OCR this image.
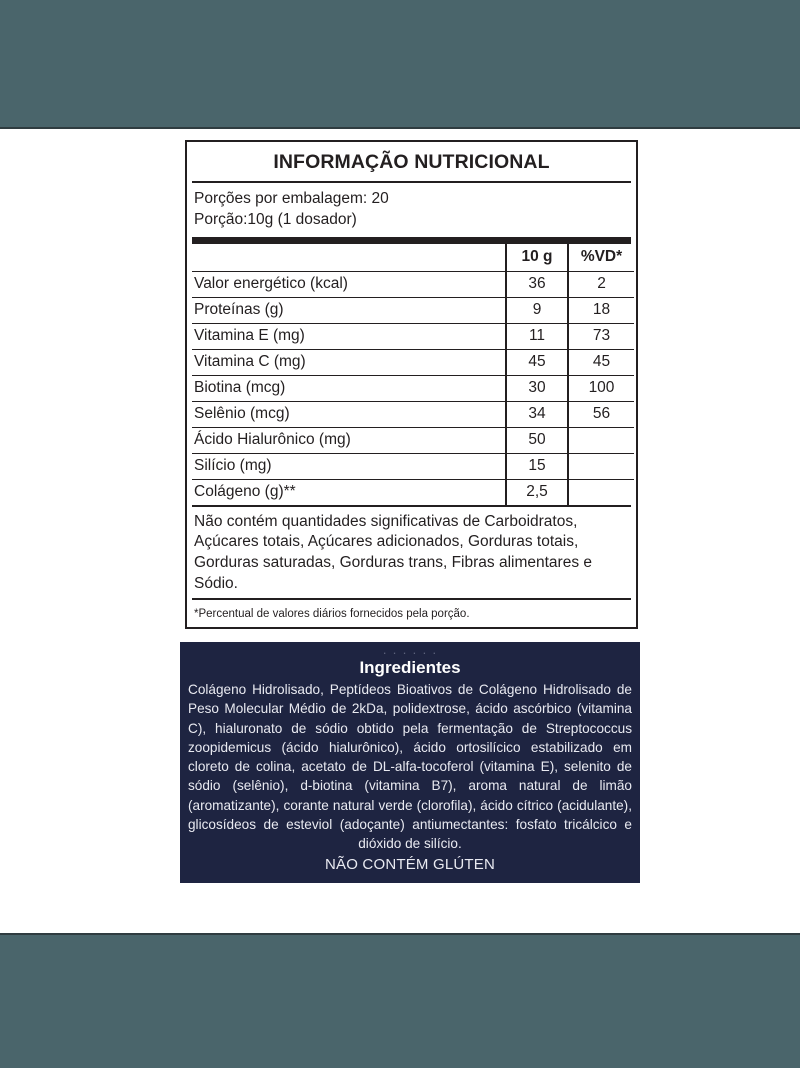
INFORMAÇÃO NUTRICIONAL
Porções por embalagem: 20
Porção:10g (1 dosador)
	10 g	%VD*
Valor energético (kcal)	36	2
Proteínas (g)	9	18
Vitamina E (mg)	11	73
Vitamina C (mg)	45	45
Biotina (mcg)	30	100
Selênio (mcg)	34	56
Ácido Hialurônico (mg)	50	
Silício (mg)	15	
Colágeno (g)**	2,5	

Não contém quantidades significativas de Carboidratos, Açúcares totais, Açúcares adicionados, Gorduras totais, Gorduras saturadas, Gorduras trans, Fibras alimentares e Sódio.

*Percentual de valores diários fornecidos pela porção.
· · · · · ·
Ingredientes

Colágeno Hidrolisado, Peptídeos Bioativos de Colágeno Hidrolisado de Peso Molecular Médio de 2kDa, polidextrose, ácido ascórbico (vitamina C), hialuronato de sódio obtido pela fermentação de Streptococcus zoopidemicus (ácido hialurônico), ácido ortosilícico estabilizado em cloreto de colina, acetato de DL-alfa-tocoferol (vitamina E), selenito de sódio (selênio), d-biotina (vitamina B7), aroma natural de limão (aromatizante), corante natural verde (clorofila), ácido cítrico (acidulante), glicosídeos de esteviol (adoçante) antiumectantes: fosfato tricálcico e dióxido de silício.

NÃO CONTÉM GLÚTEN
